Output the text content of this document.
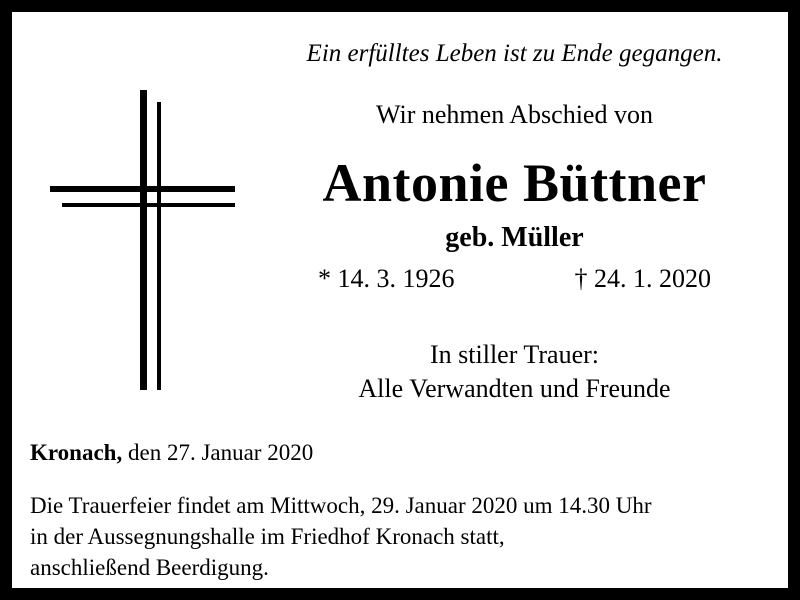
Ein erfülltes Leben ist zu Ende gegangen.
Wir nehmen Abschied von
Antonie Büttner
geb. Müller
* 14. 3. 1926	† 24. 1. 2020
In stiller Trauer:
Alle Verwandten und Freunde
Kronach, den 27. Januar 2020
Die Trauerfeier findet am Mittwoch, 29. Januar 2020 um 14.30 Uhr
in der Aussegnungshalle im Friedhof Kronach statt,
anschließend Beerdigung.
